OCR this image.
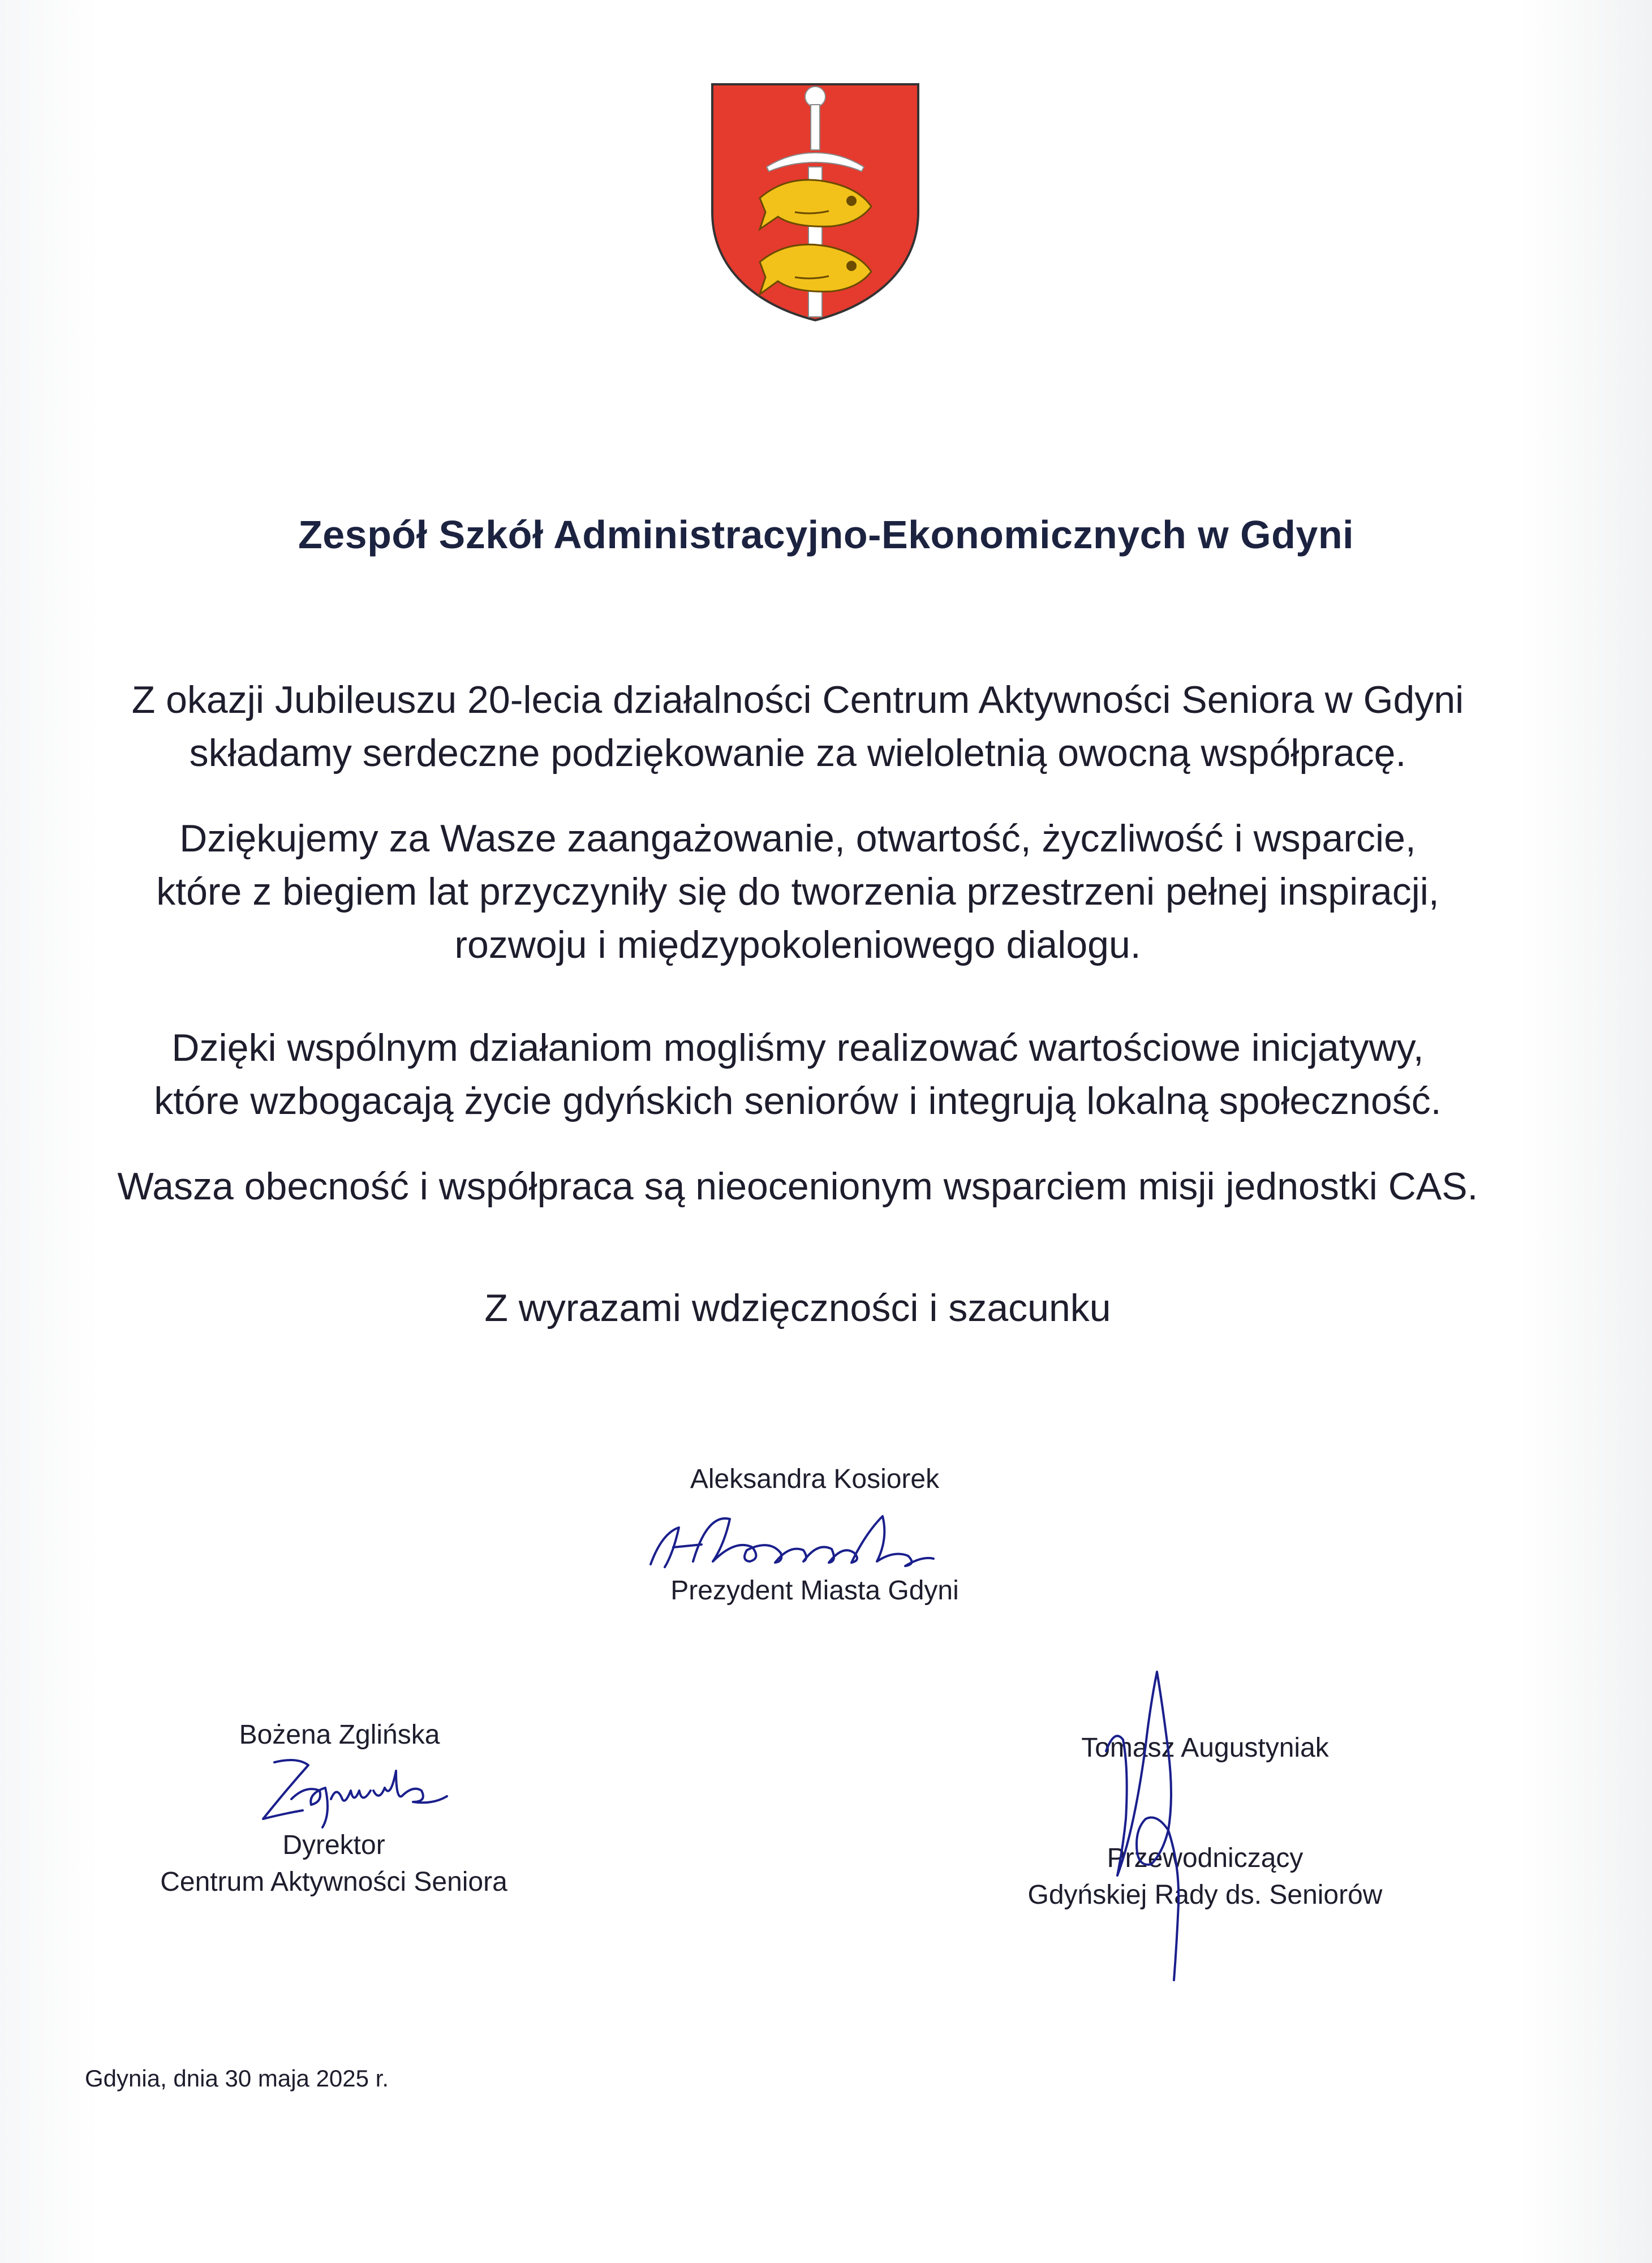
Zespół Szkół Administracyjno-Ekonomicznych w Gdyni
Z okazji Jubileuszu 20-lecia działalności Centrum Aktywności Seniora w Gdyni
składamy serdeczne podziękowanie za wieloletnią owocną współpracę.
Dziękujemy za Wasze zaangażowanie, otwartość, życzliwość i wsparcie,
które z biegiem lat przyczyniły się do tworzenia przestrzeni pełnej inspiracji,
rozwoju i międzypokoleniowego dialogu.
Dzięki wspólnym działaniom mogliśmy realizować wartościowe inicjatywy,
które wzbogacają życie gdyńskich seniorów i integrują lokalną społeczność.
Wasza obecność i współpraca są nieocenionym wsparciem misji jednostki CAS.
Z wyrazami wdzięczności i szacunku
Aleksandra Kosiorek
Prezydent Miasta Gdyni
Bożena Zglińska
Dyrektor
Centrum Aktywności Seniora
Tomasz Augustyniak
Przewodniczący
Gdyńskiej Rady ds. Seniorów
Gdynia, dnia 30 maja 2025 r.
